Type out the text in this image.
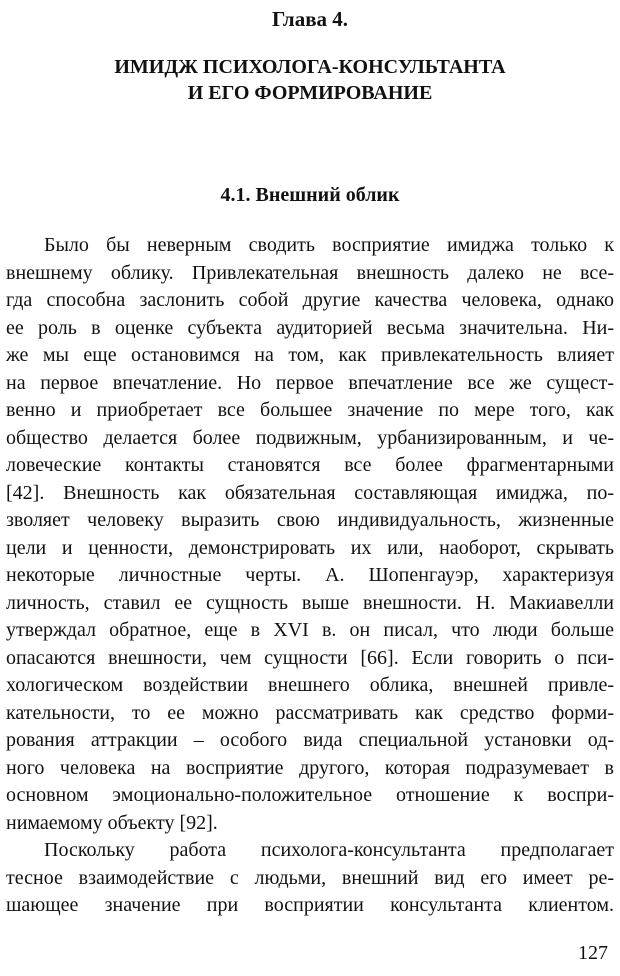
Глава 4.
ИМИДЖ ПСИХОЛОГА-КОНСУЛЬТАНТА
И ЕГО ФОРМИРОВАНИЕ
4.1. Внешний облик
Было бы неверным сводить восприятие имиджа только к
внешнему облику. Привлекательная внешность далеко не все-
гда способна заслонить собой другие качества человека, однако
ее роль в оценке субъекта аудиторией весьма значительна. Ни-
же мы еще остановимся на том, как привлекательность влияет
на первое впечатление. Но первое впечатление все же сущест-
венно и приобретает все большее значение по мере того, как
общество делается более подвижным, урбанизированным, и че-
ловеческие контакты становятся все более фрагментарными
[42]. Внешность как обязательная составляющая имиджа, по-
зволяет человеку выразить свою индивидуальность, жизненные
цели и ценности, демонстрировать их или, наоборот, скрывать
некоторые личностные черты. А. Шопенгауэр, характеризуя
личность, ставил ее сущность выше внешности. Н. Макиавелли
утверждал обратное, еще в XVI в. он писал, что люди больше
опасаются внешности, чем сущности [66]. Если говорить о пси-
хологическом воздействии внешнего облика, внешней привле-
кательности, то ее можно рассматривать как средство форми-
рования аттракции – особого вида специальной установки од-
ного человека на восприятие другого, которая подразумевает в
основном эмоционально-положительное отношение к воспри-
нимаемому объекту [92].
Поскольку работа психолога-консультанта предполагает
тесное взаимодействие с людьми, внешний вид его имеет ре-
шающее значение при восприятии консультанта клиентом.
127
